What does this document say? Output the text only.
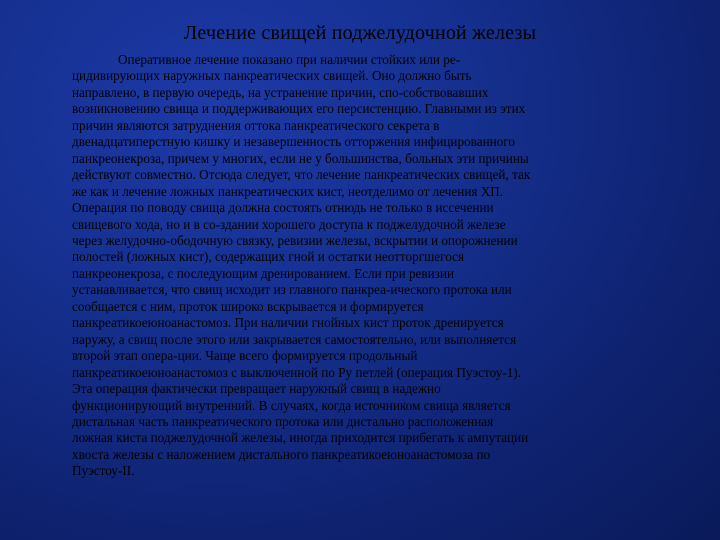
Лечение свищей поджелудочной железы
Оперативное лечение показано при наличии стойких или ре-
цидивирующих наружных панкреатических свищей. Оно должно быть
направлено, в первую очередь, на устранение причин, спо-собствовавших
возникновению свища и поддерживающих его персистенцию. Главными из этих
причин являются затруднения оттока панкреатического секрета в
двенадцатиперстную кишку и незавершенность отторжения инфицированного
панкреонекроза, причем у многих, если не у большинства, больных эти причины
действуют совместно. Отсюда следует, что лечение панкреатических свищей, так
же как и лечение ложных панкреатических кист, неотделимо от лечения ХП.
Операция по поводу свища должна состоять отнюдь не только в иссечении
свищевого хода, но и в со-здании хорошего доступа к поджелудочной железе
через желудочно-ободочную связку, ревизии железы, вскрытии и опорожнении
полостей (ложных кист), содержащих гной и остатки неотторгшегося
панкреонекроза, с последующим дренированием. Если при ревизии
устанавливается, что свищ исходит из главного панкреа-ического протока или
сообщается с ним, проток широко вскрывается и формируется
панкреатикоеюноанастомоз. При наличии гнойных кист проток дренируется
наружу, а свищ после этого или закрывается самостоятельно, или выполняется
второй этап опера-ции. Чаще всего формируется продольный
панкреатикоеюноанастомоз с выключенной по Ру петлей (операция Пуэстоу-1).
Эта операция фактически превращает наружный свищ в надежно
функционирующий внутренний. В случаях, когда источником свища является
дистальная часть панкреатического протока или дистально расположенная
ложная киста поджелудочной железы, иногда приходится прибегать к ампутации
хвоста железы с наложением дистального панкреатикоеюноанастомоза по
Пуэстоу-II.
